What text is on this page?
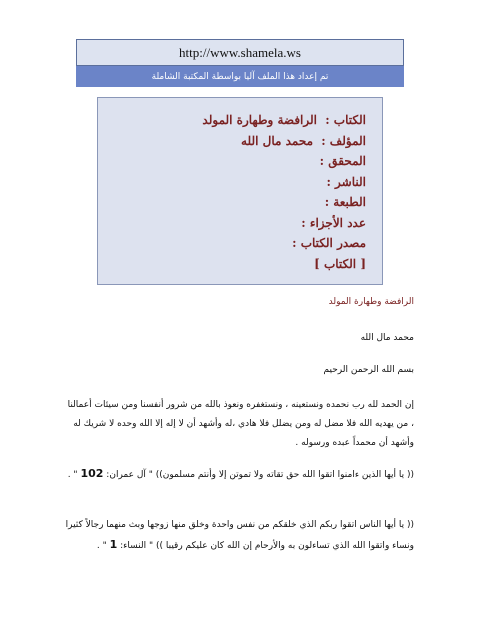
http://www.shamela.ws
تم إعداد هذا الملف آليا بواسطة المكتبة الشاملة
الكتاب : الرافضة وطهارة المولد
المؤلف : محمد مال الله
المحقق :
الناشر :
الطبعة :
عدد الأجزاء :
مصدر الكتاب :
[ الكتاب ]
الرافضة وطهارة المولد
محمد مال الله
بسم الله الرحمن الرحيم
إن الحمد لله رب نحمده ونستعينه ، ونستغفره ونعوذ بالله من شرور أنفسنا ومن سيئات أعمالنا ، من يهديه الله فلا مضل له ومن يضلل فلا هادي ،له وأشهد أن لا إله إلا الله وحده لا شريك له وأشهد أن محمداً عبده ورسوله .
(( يا أيها الذين ءامنوا اتقوا الله حق تقاته ولا تموتن إلا وأنتم مسلمون)) " آل عمران: 102 " .
(( يا أيها الناس اتقوا ربكم الذي خلقكم من نفس واحدة وخلق منها زوجها وبث منهما رجالاً كثيرا ونساء واتقوا الله الذي تساءلون به والأرحام إن الله كان عليكم رقيبا )) " النساء: 1 " .
